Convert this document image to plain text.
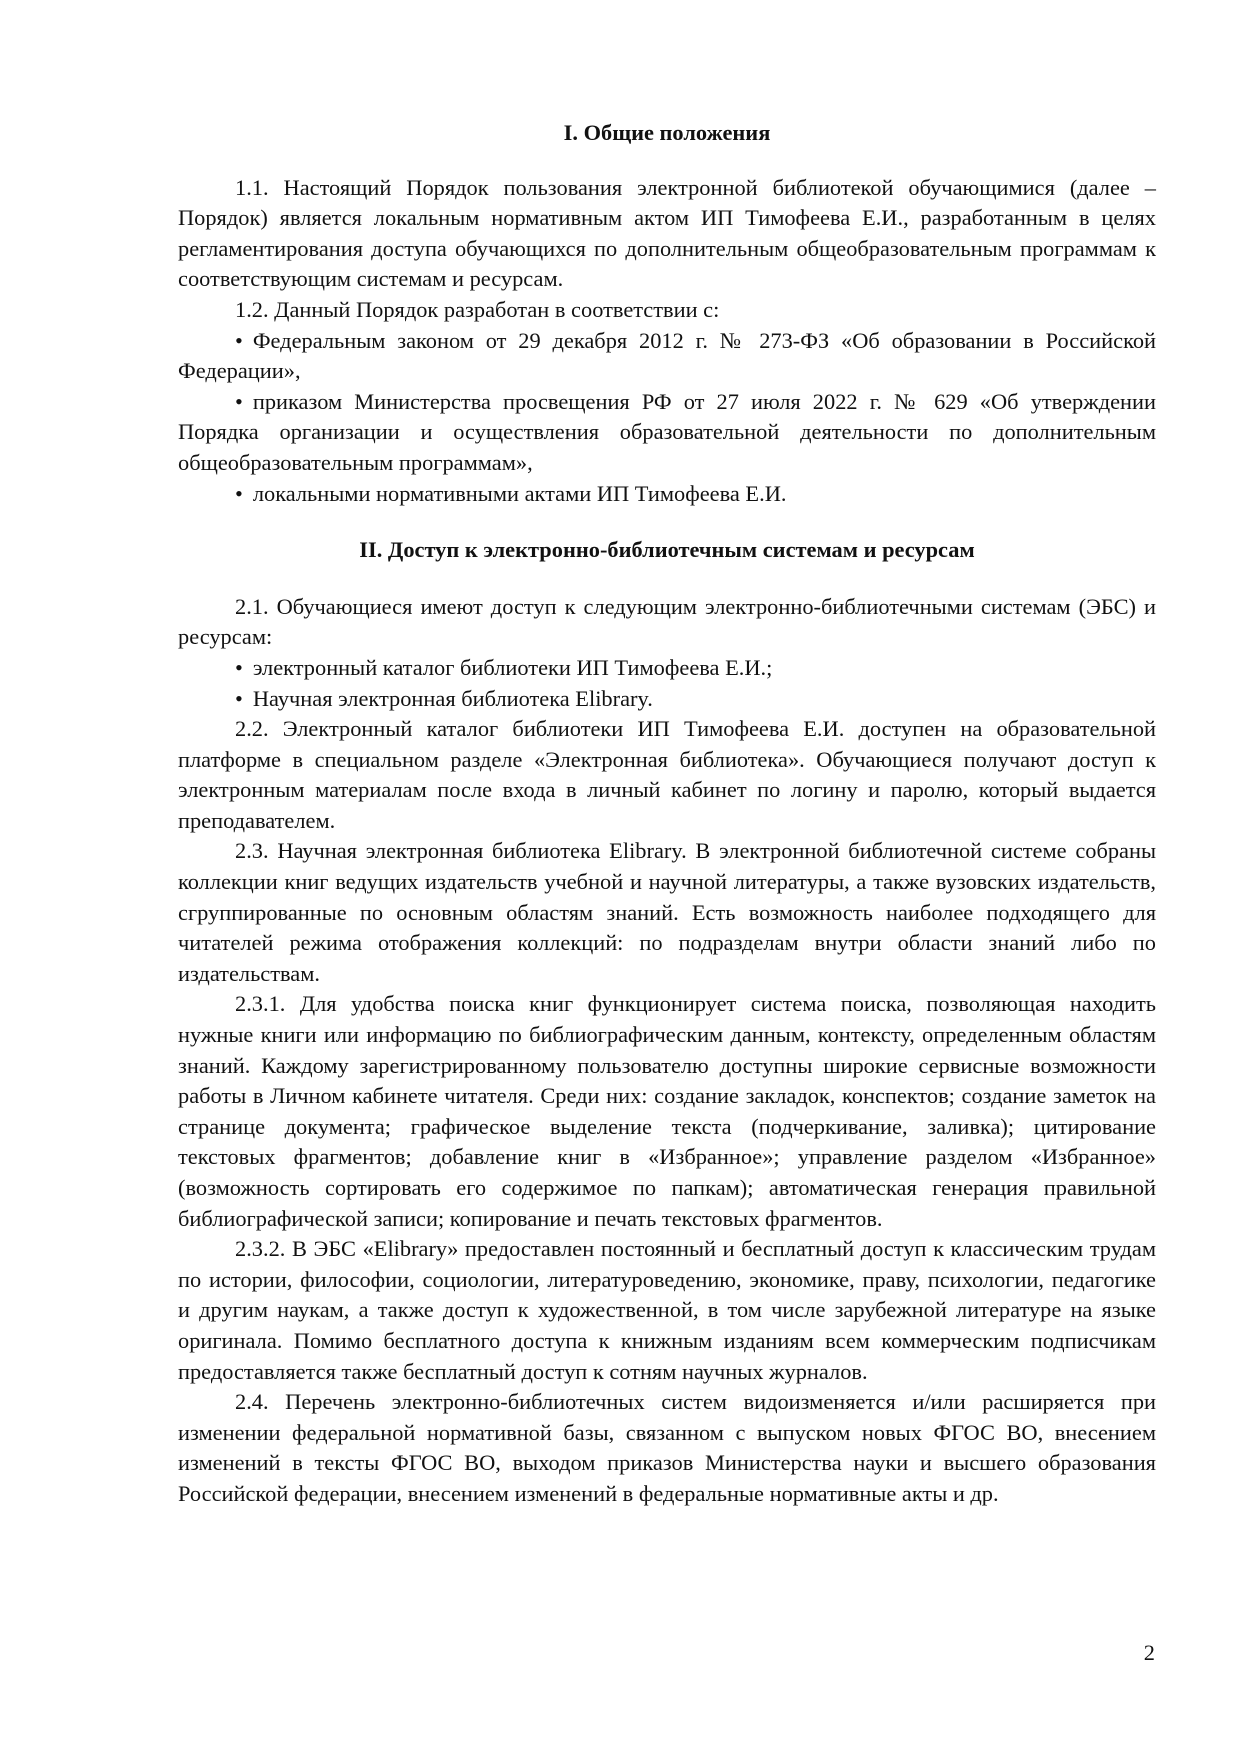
I. Общие положения

1.1. Настоящий Порядок пользования электронной библиотекой обучающимися (далее – Порядок) является локальным нормативным актом ИП Тимофеева Е.И., разработанным в целях регламентирования доступа обучающихся по дополнительным общеобразовательным программам к соответствующим системам и ресурсам.

1.2. Данный Порядок разработан в соответствии с:

• Федеральным законом от 29 декабря 2012 г. № 273-ФЗ «Об образовании в Российской Федерации»,

• приказом Министерства просвещения РФ от 27 июля 2022 г. № 629 «Об утверждении Порядка организации и осуществления образовательной деятельности по дополнительным общеобразовательным программам»,

• локальными нормативными актами ИП Тимофеева Е.И.

II. Доступ к электронно-библиотечным системам и ресурсам

2.1. Обучающиеся имеют доступ к следующим электронно-библиотечными системам (ЭБС) и ресурсам:

• электронный каталог библиотеки ИП Тимофеева Е.И.;

• Научная электронная библиотека Elibrary.

2.2. Электронный каталог библиотеки ИП Тимофеева Е.И. доступен на образовательной платформе в специальном разделе «Электронная библиотека». Обучающиеся получают доступ к электронным материалам после входа в личный кабинет по логину и паролю, который выдается преподавателем.

2.3. Научная электронная библиотека Elibrary. В электронной библиотечной системе собраны коллекции книг ведущих издательств учебной и научной литературы, а также вузовских издательств, сгруппированные по основным областям знаний. Есть возможность наиболее подходящего для читателей режима отображения коллекций: по подразделам внутри области знаний либо по издательствам.

2.3.1. Для удобства поиска книг функционирует система поиска, позволяющая находить нужные книги или информацию по библиографическим данным, контексту, определенным областям знаний. Каждому зарегистрированному пользователю доступны широкие сервисные возможности работы в Личном кабинете читателя. Среди них: создание закладок, конспектов; создание заметок на странице документа; графическое выделение текста (подчеркивание, заливка); цитирование текстовых фрагментов; добавление книг в «Избранное»; управление разделом «Избранное» (возможность сортировать его содержимое по папкам); автоматическая генерация правильной библиографической записи; копирование и печать текстовых фрагментов.

2.3.2. В ЭБС «Elibrary» предоставлен постоянный и бесплатный доступ к классическим трудам по истории, философии, социологии, литературоведению, экономике, праву, психологии, педагогике и другим наукам, а также доступ к художественной, в том числе зарубежной литературе на языке оригинала. Помимо бесплатного доступа к книжным изданиям всем коммерческим подписчикам предоставляется также бесплатный доступ к сотням научных журналов.

2.4. Перечень электронно-библиотечных систем видоизменяется и/или расширяется при изменении федеральной нормативной базы, связанном с выпуском новых ФГОС ВО, внесением изменений в тексты ФГОС ВО, выходом приказов Министерства науки и высшего образования Российской федерации, внесением изменений в федеральные нормативные акты и др.

2
